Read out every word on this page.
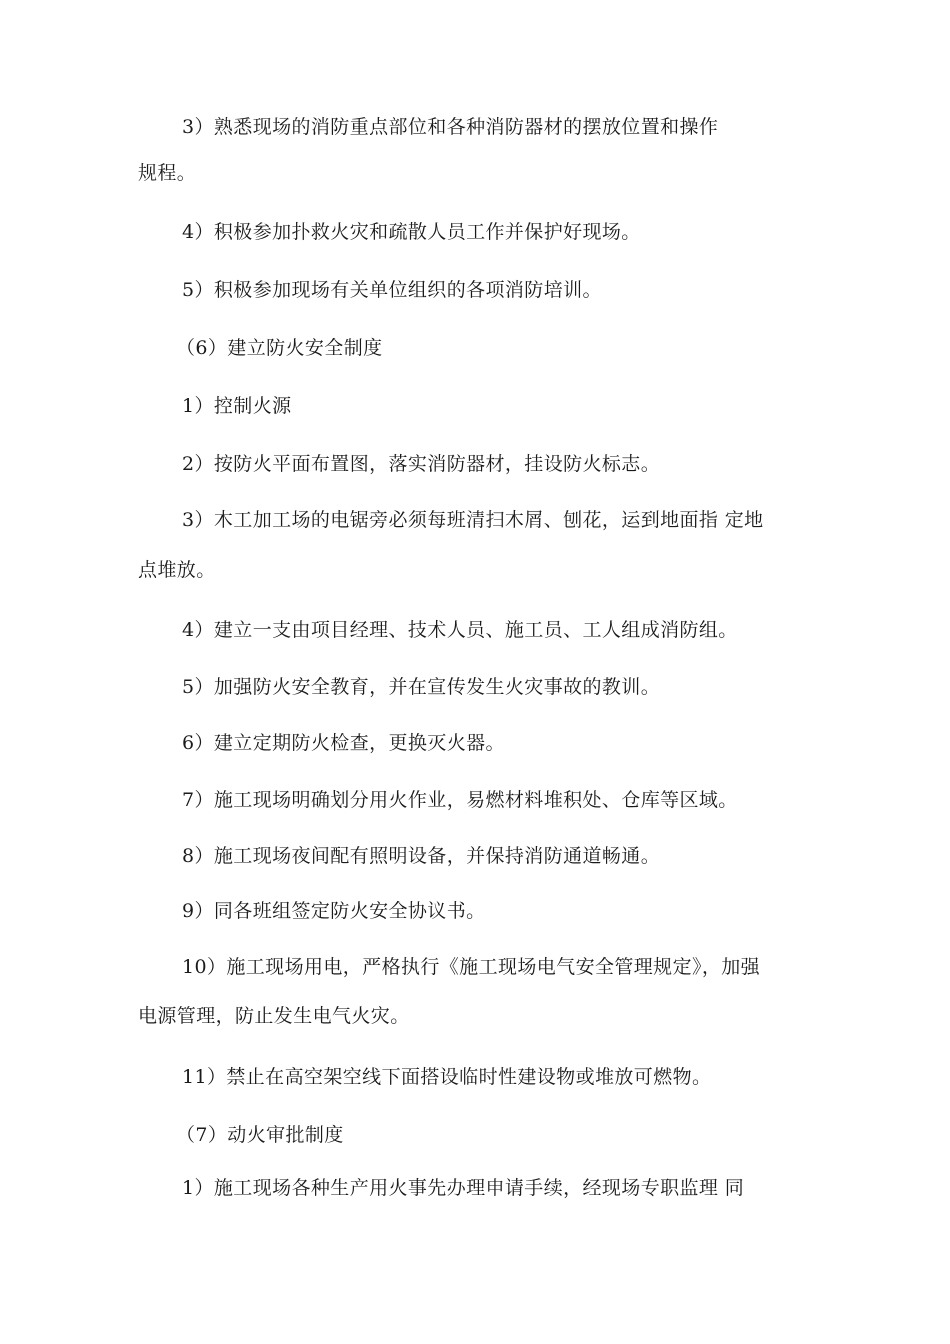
3）熟悉现场的消防重点部位和各种消防器材的摆放位置和操作
规程。
4）积极参加扑救火灾和疏散人员工作并保护好现场。
5）积极参加现场有关单位组织的各项消防培训。
（6）建立防火安全制度
1）控制火源
2）按防火平面布置图，落实消防器材，挂设防火标志。
3）木工加工场的电锯旁必须每班清扫木屑、刨花，运到地面指 定地
点堆放。
4）建立一支由项目经理、技术人员、施工员、工人组成消防组。
5）加强防火安全教育，并在宣传发生火灾事故的教训。
6）建立定期防火检查，更换灭火器。
7）施工现场明确划分用火作业，易燃材料堆积处、仓库等区域。
8）施工现场夜间配有照明设备，并保持消防通道畅通。
9）同各班组签定防火安全协议书。
10）施工现场用电，严格执行《施工现场电气安全管理规定》，加强
电源管理，防止发生电气火灾。
11）禁止在高空架空线下面搭设临时性建设物或堆放可燃物。
（7）动火审批制度
1）施工现场各种生产用火事先办理申请手续，经现场专职监理 同
